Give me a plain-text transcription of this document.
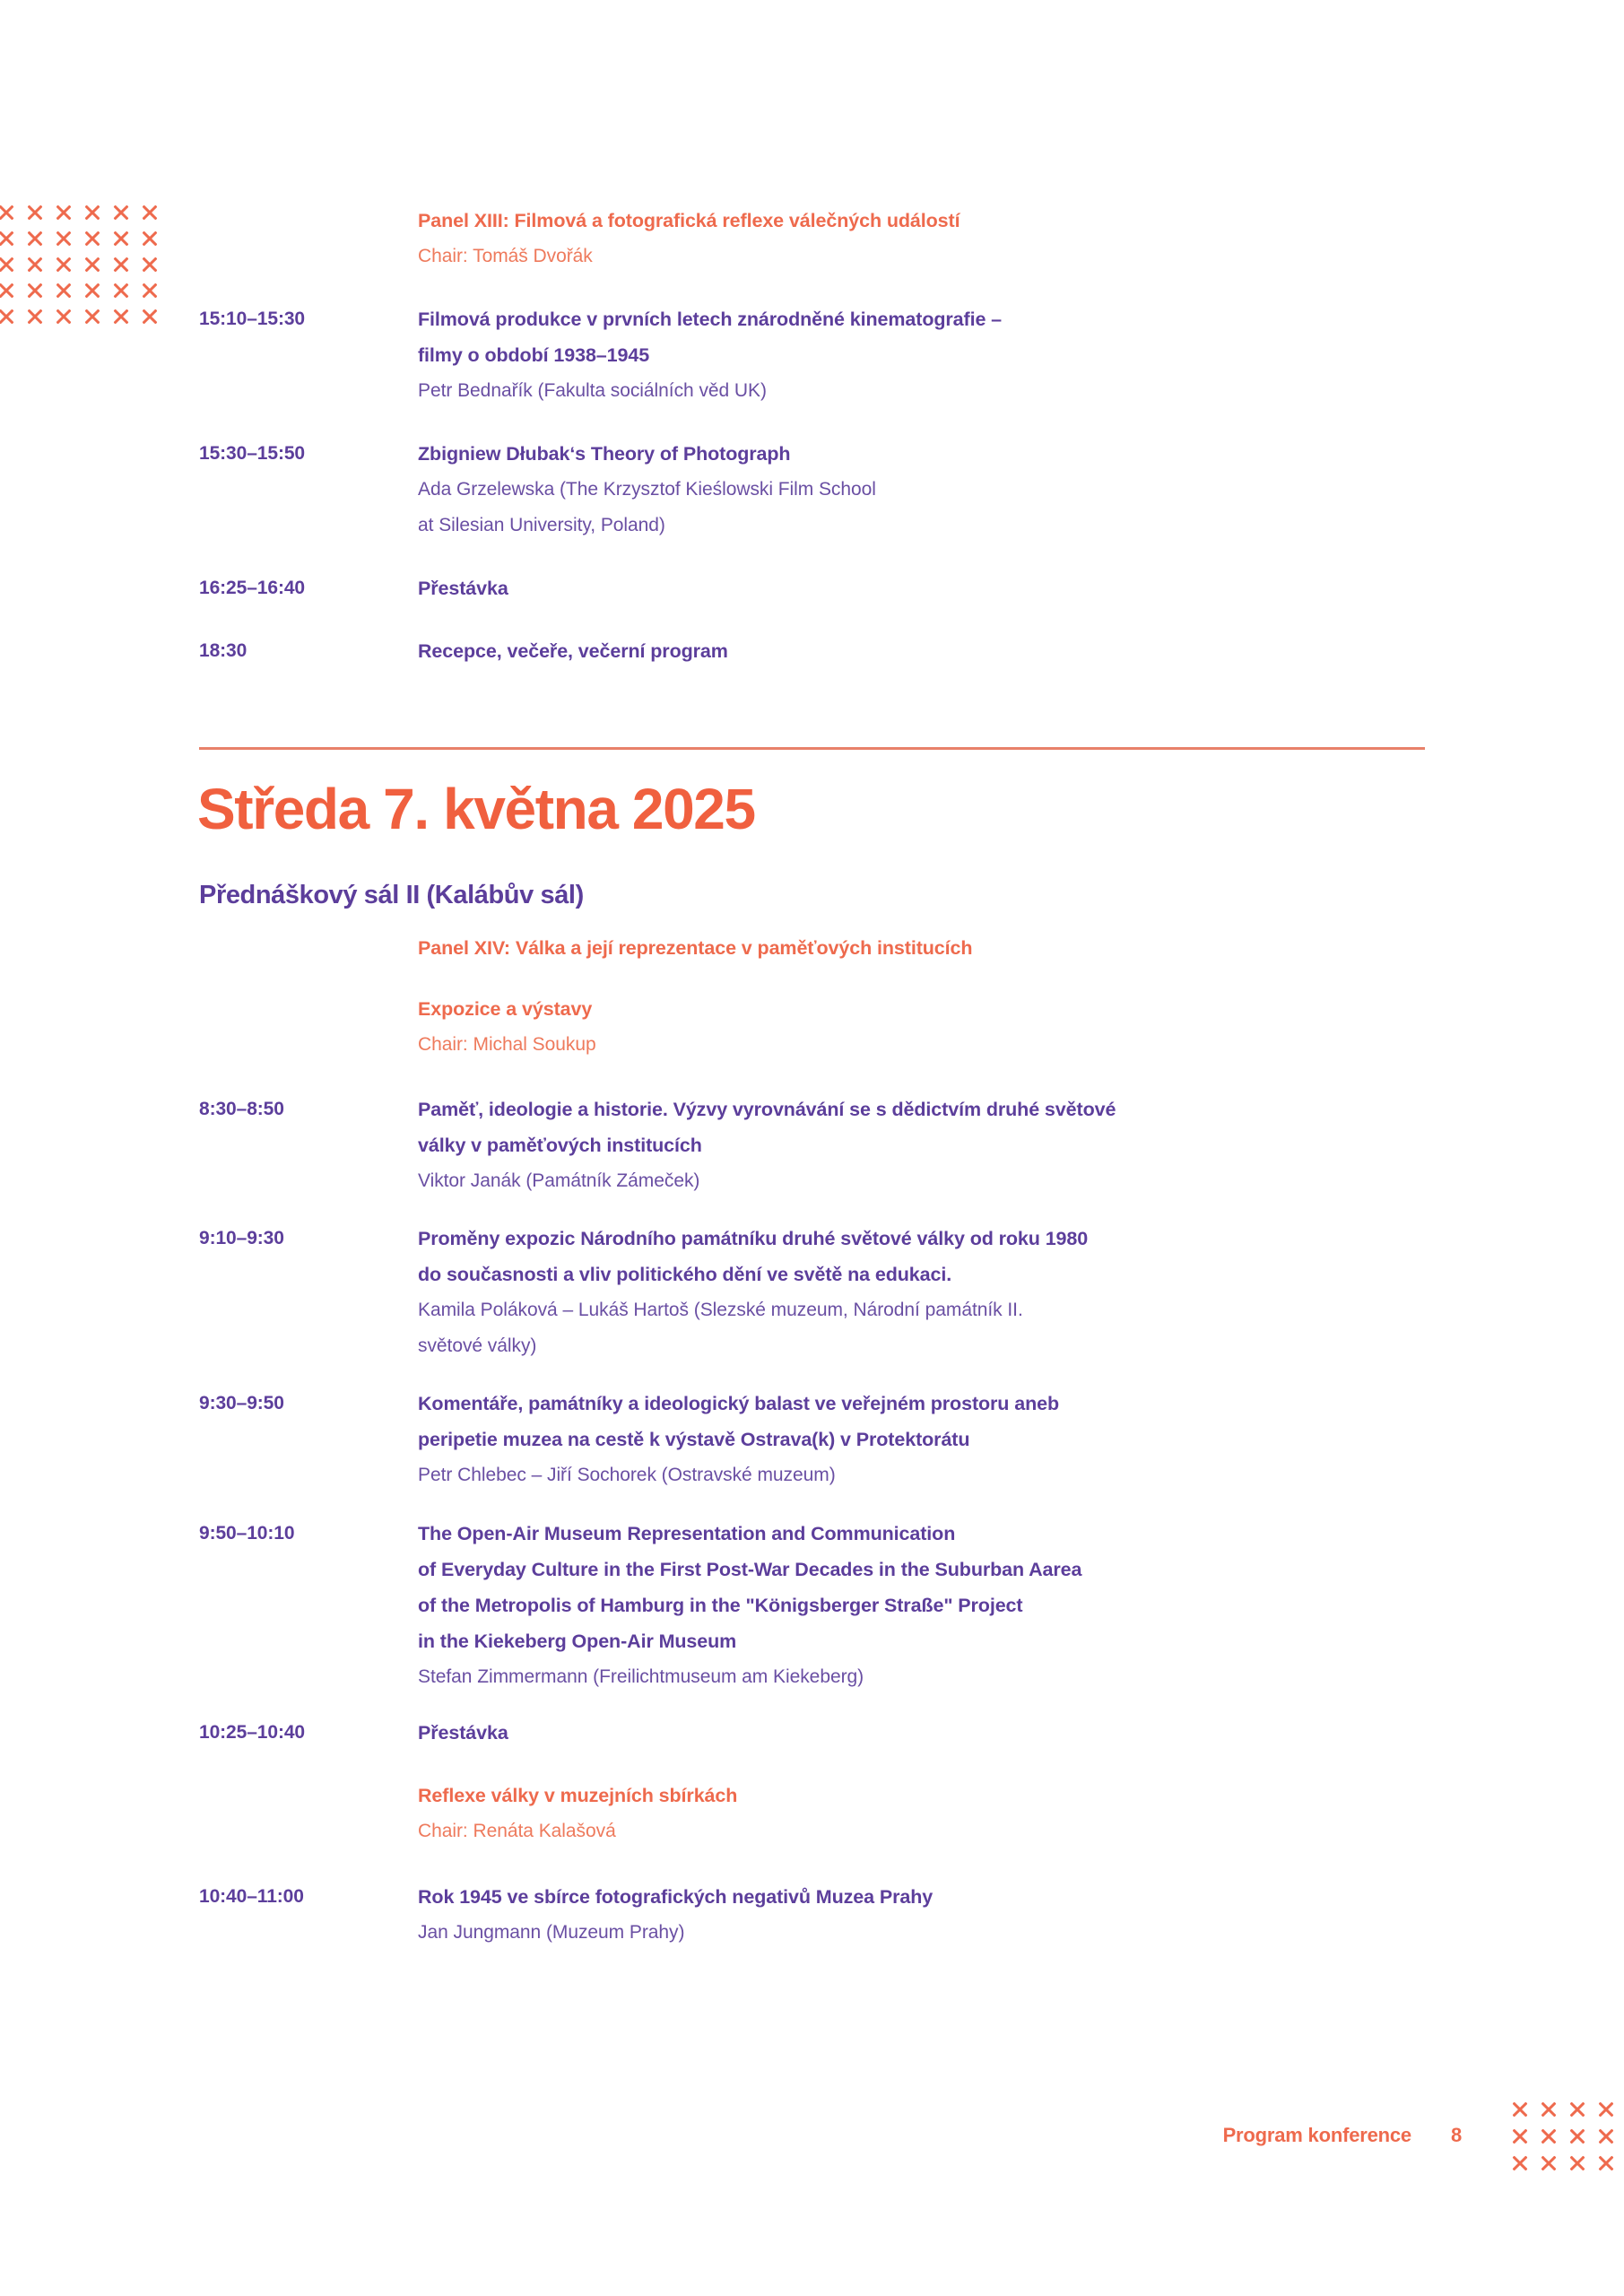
Panel XIII: Filmová a fotografická reflexe válečných událostí
Chair: Tomáš Dvořák
15:10–15:30	Filmová produkce v prvních letech znárodněné kinematografie –
filmy o období 1938–1945
Petr Bednařík (Fakulta sociálních věd UK)
15:30–15:50	Zbigniew Dłubak‘s Theory of Photograph
Ada Grzelewska (The Krzysztof Kieślowski Film School
at Silesian University, Poland)
16:25–16:40	Přestávka
18:30	Recepce, večeře, večerní program
Středa 7. května 2025
Přednáškový sál II (Kalábův sál)
Panel XIV: Válka a její reprezentace v paměťových institucích
Expozice a výstavy
Chair: Michal Soukup
8:30–8:50	Paměť, ideologie a historie. Výzvy vyrovnávání se s dědictvím druhé světové
války v paměťových institucích
Viktor Janák (Památník Zámeček)
9:10–9:30	Proměny expozic Národního památníku druhé světové války od roku 1980
do současnosti a vliv politického dění ve světě na edukaci.
Kamila Poláková – Lukáš Hartoš (Slezské muzeum, Národní památník II.
světové války)
9:30–9:50	Komentáře, památníky a ideologický balast ve veřejném prostoru aneb
peripetie muzea na cestě k výstavě Ostrava(k) v Protektorátu
Petr Chlebec – Jiří Sochorek (Ostravské muzeum)
9:50–10:10	The Open-Air Museum Representation and Communication
of Everyday Culture in the First Post-War Decades in the Suburban Aarea
of the Metropolis of Hamburg in the "Königsberger Straße" Project
in the Kiekeberg Open-Air Museum
Stefan Zimmermann (Freilichtmuseum am Kiekeberg)
10:25–10:40	Přestávka
Reflexe války v muzejních sbírkách
Chair: Renáta Kalašová
10:40–11:00	Rok 1945 ve sbírce fotografických negativů Muzea Prahy
Jan Jungmann (Muzeum Prahy)
Program konference 8
